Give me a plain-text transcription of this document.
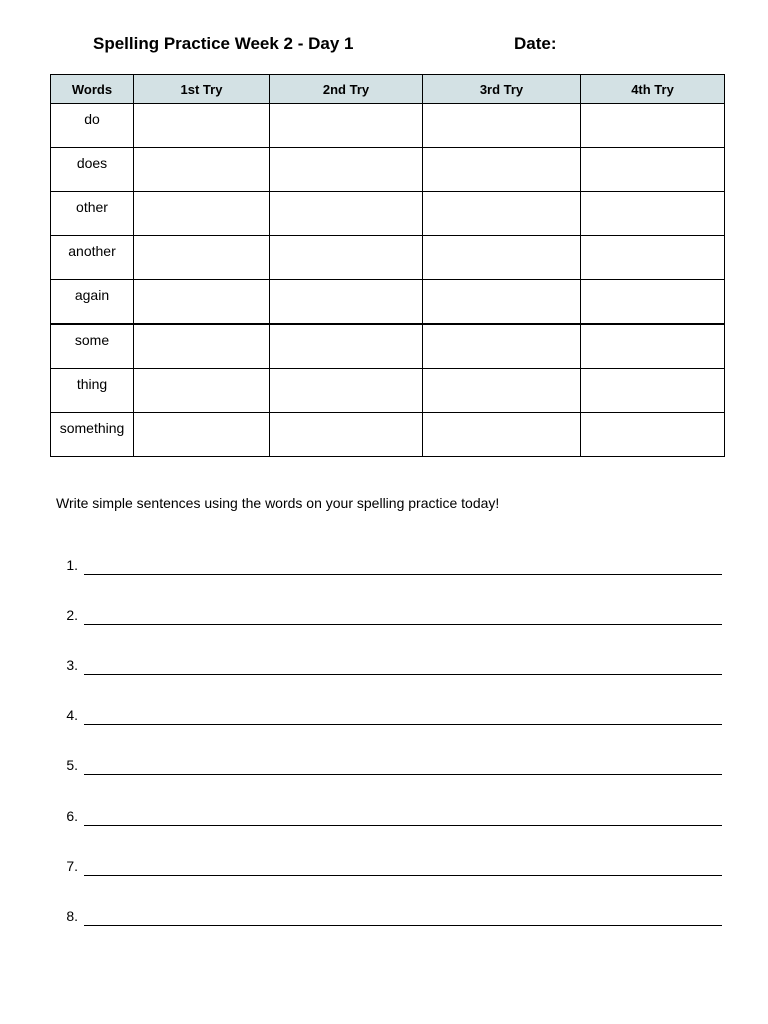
Spelling Practice Week 2 - Day 1	Date:
Words	1st Try	2nd Try	3rd Try	4th Try
do				
does				
other				
another				
again				
some				
thing				
something				
Write simple sentences using the words on your spelling practice today!
1.
2.
3.
4.
5.
6.
7.
8.
